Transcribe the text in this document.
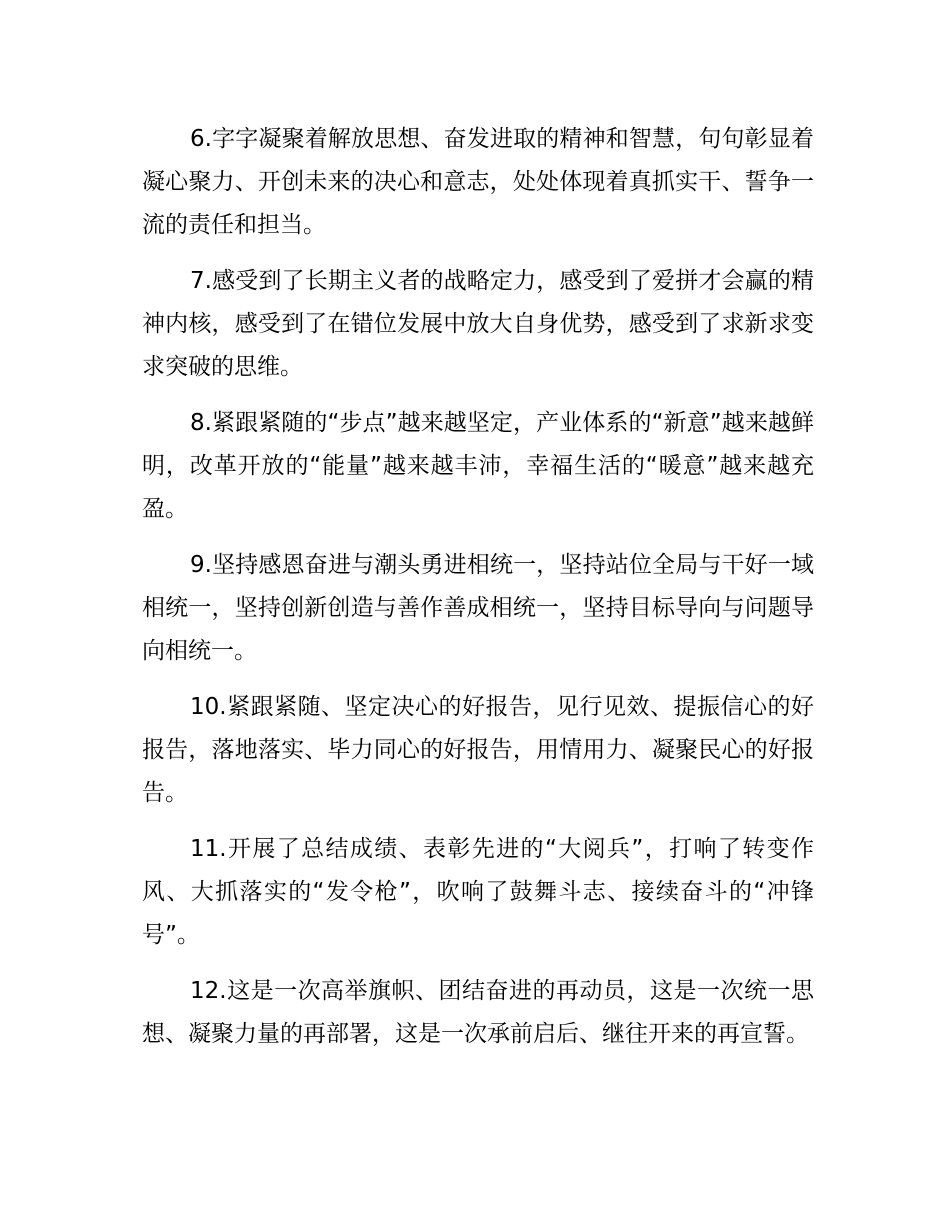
6.字字凝聚着解放思想、奋发进取的精神和智慧，句句彰显着凝心聚力、开创未来的决心和意志，处处体现着真抓实干、誓争一流的责任和担当。

7.感受到了长期主义者的战略定力，感受到了爱拼才会赢的精神内核，感受到了在错位发展中放大自身优势，感受到了求新求变求突破的思维。

8.紧跟紧随的“步点”越来越坚定，产业体系的“新意”越来越鲜明，改革开放的“能量”越来越丰沛，幸福生活的“暖意”越来越充盈。

9.坚持感恩奋进与潮头勇进相统一，坚持站位全局与干好一域相统一，坚持创新创造与善作善成相统一，坚持目标导向与问题导向相统一。

10.紧跟紧随、坚定决心的好报告，见行见效、提振信心的好报告，落地落实、毕力同心的好报告，用情用力、凝聚民心的好报告。

11.开展了总结成绩、表彰先进的“大阅兵”，打响了转变作风、大抓落实的“发令枪”，吹响了鼓舞斗志、接续奋斗的“冲锋号”。

12.这是一次高举旗帜、团结奋进的再动员，这是一次统一思想、凝聚力量的再部署，这是一次承前启后、继往开来的再宣誓。
